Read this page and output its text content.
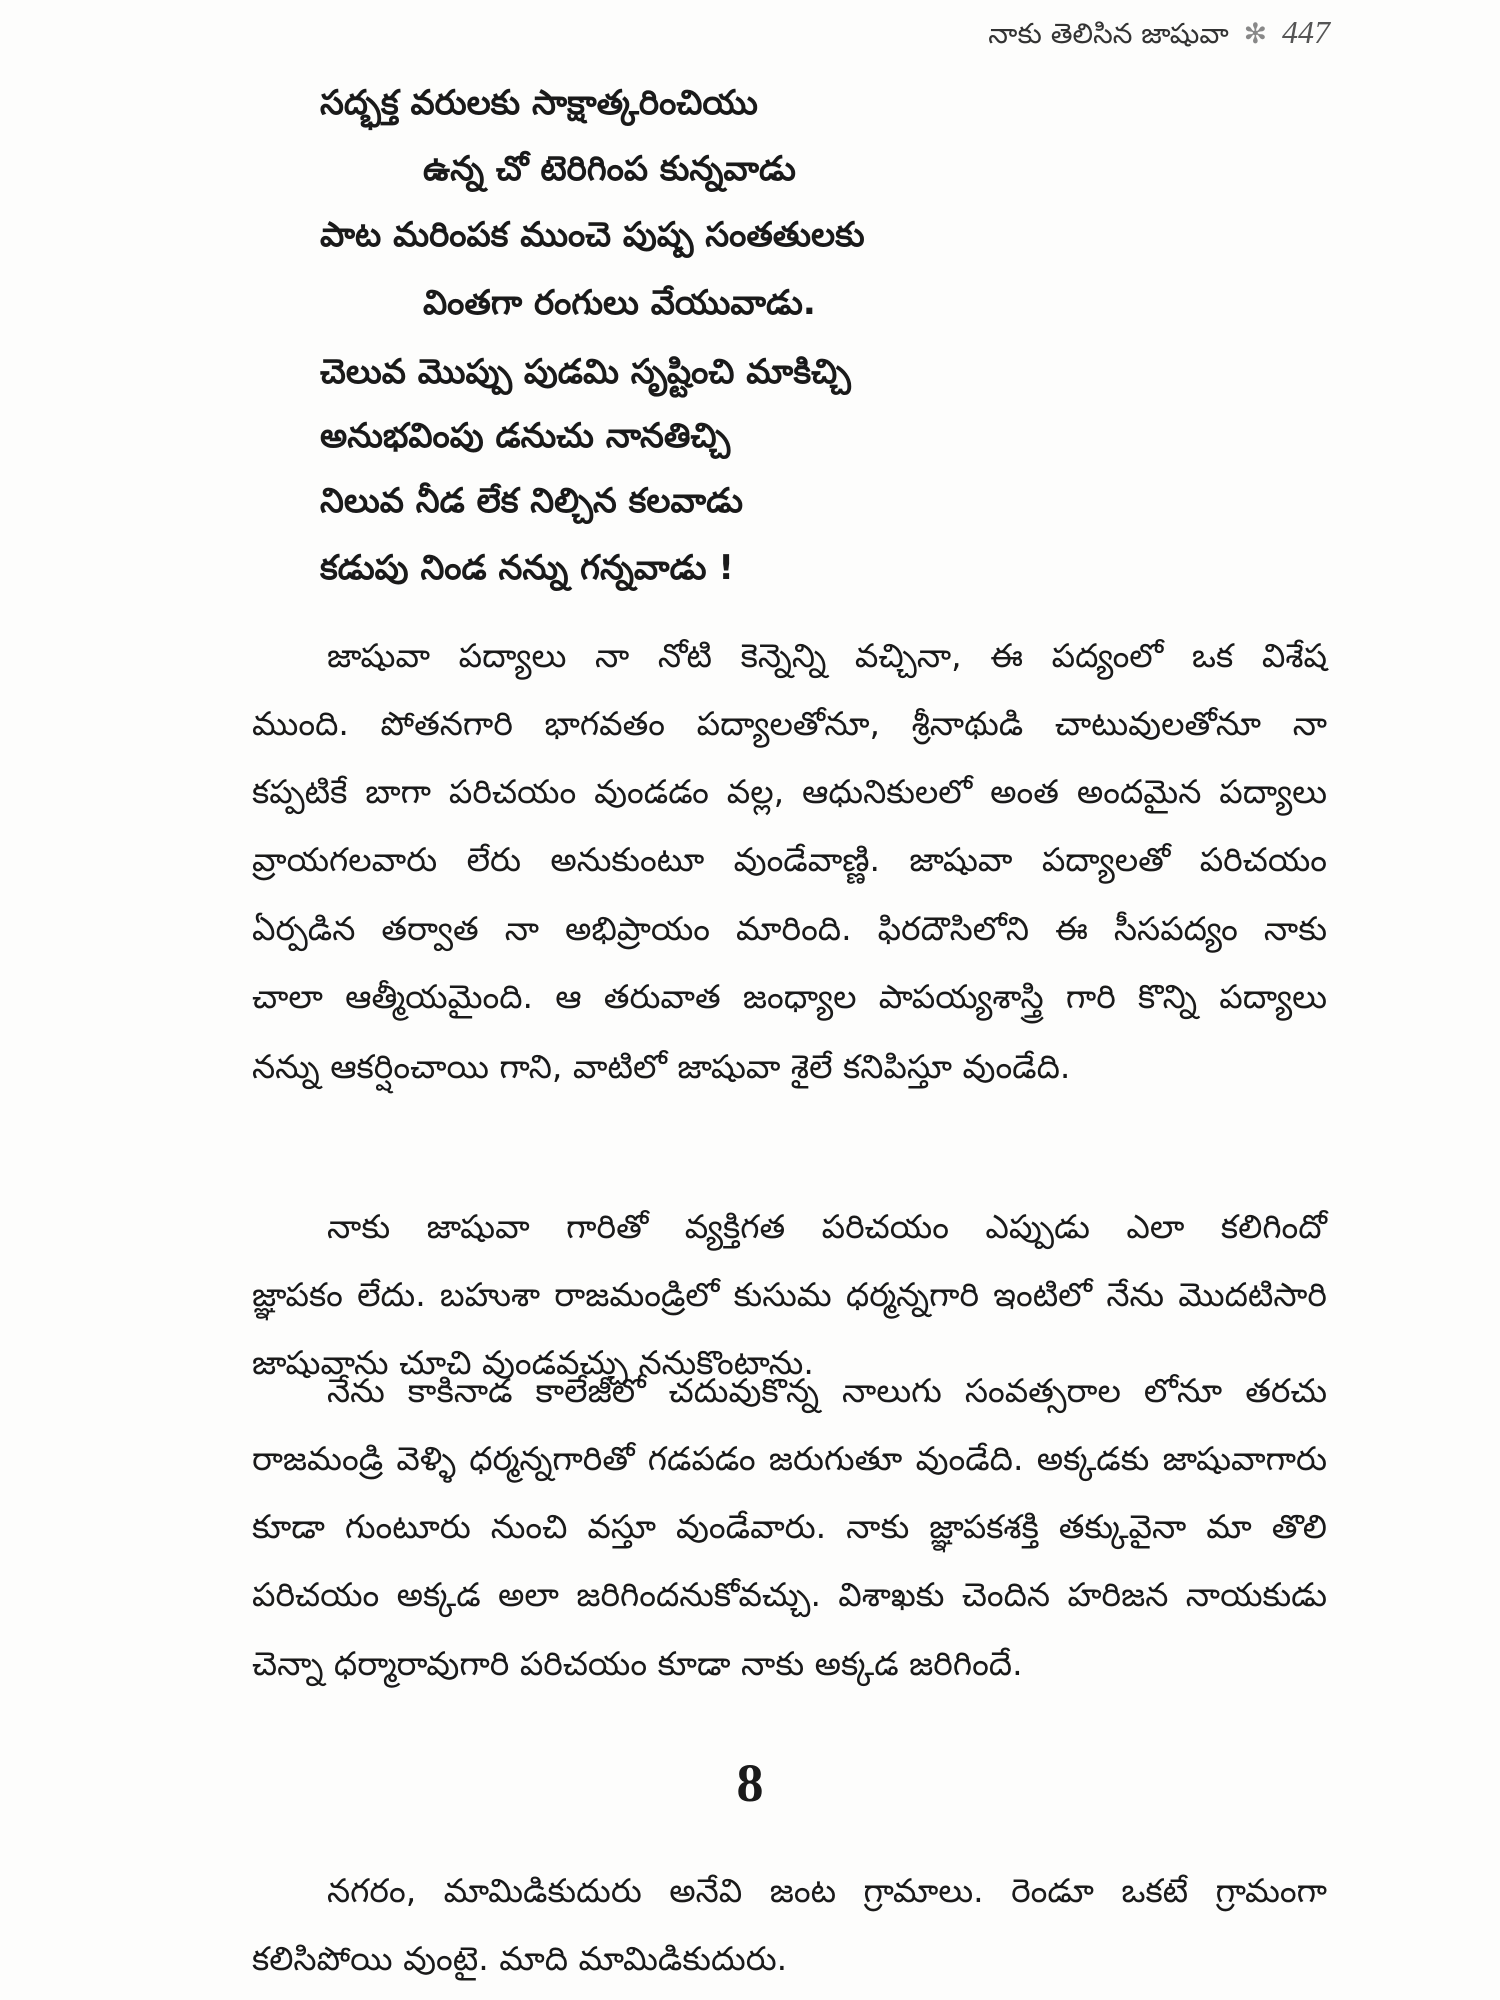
నాకు తెలిసిన జాషువా ✻ 447
సద్భక్త వరులకు సాక్షాత్కరించియు
ఉన్న చో టెరిగింప కున్నవాడు
పాట మరింపక ముంచె పుష్ప సంతతులకు
వింతగా రంగులు వేయువాడు.
చెలువ మొప్పు పుడమి సృష్టించి మాకిచ్చి
అనుభవింపు డనుచు నానతిచ్చి
నిలువ నీడ లేక నిల్చిన కలవాడు
కడుపు నిండ నన్ను గన్నవాడు !
జాషువా పద్యాలు నా నోటి కెన్నెన్ని వచ్చినా, ఈ పద్యంలో ఒక విశేష
ముంది. పోతనగారి భాగవతం పద్యాలతోనూ, శ్రీనాథుడి చాటువులతోనూ నా
కప్పటికే బాగా పరిచయం వుండడం వల్ల, ఆధునికులలో అంత అందమైన పద్యాలు
వ్రాయగలవారు లేరు అనుకుంటూ వుండేవాణ్ణి. జాషువా పద్యాలతో పరిచయం
ఏర్పడిన తర్వాత నా అభిప్రాయం మారింది. ఫిరదౌసిలోని ఈ సీసపద్యం నాకు
చాలా ఆత్మీయమైంది. ఆ తరువాత జంధ్యాల పాపయ్యశాస్త్రి గారి కొన్ని పద్యాలు
నన్ను ఆకర్షించాయి గాని, వాటిలో జాషువా శైలే కనిపిస్తూ వుండేది.
నాకు జాషువా గారితో వ్యక్తిగత పరిచయం ఎప్పుడు ఎలా కలిగిందో
జ్ఞాపకం లేదు. బహుశా రాజమండ్రిలో కుసుమ ధర్మన్నగారి ఇంటిలో నేను మొదటిసారి
జాషువాను చూచి వుండవచ్చు ననుకొంటాను.
నేను కాకినాడ కాలేజీలో చదువుకొన్న నాలుగు సంవత్సరాల లోనూ తరచు
రాజమండ్రి వెళ్ళి ధర్మన్నగారితో గడపడం జరుగుతూ వుండేది. అక్కడకు జాషువాగారు
కూడా గుంటూరు నుంచి వస్తూ వుండేవారు. నాకు జ్ఞాపకశక్తి తక్కువైనా మా తొలి
పరిచయం అక్కడ అలా జరిగిందనుకోవచ్చు. విశాఖకు చెందిన హరిజన నాయకుడు
చెన్నా ధర్మారావుగారి పరిచయం కూడా నాకు అక్కడ జరిగిందే.
8
నగరం, మామిడికుదురు అనేవి జంట గ్రామాలు. రెండూ ఒకటే గ్రామంగా
కలిసిపోయి వుంటై. మాది మామిడికుదురు.
